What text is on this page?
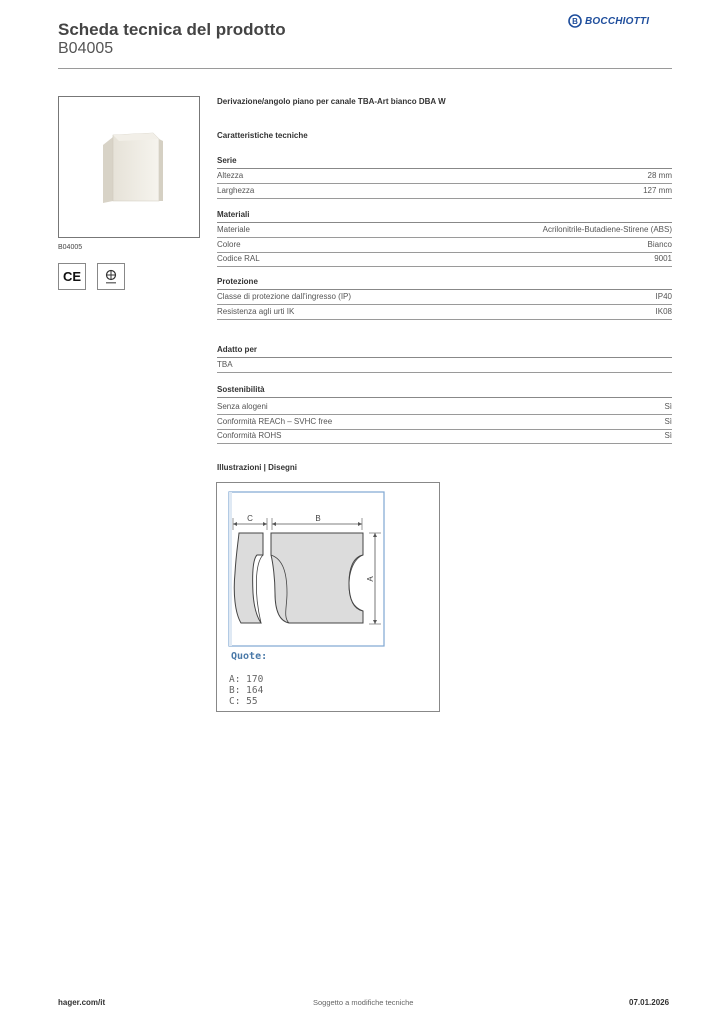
Scheda tecnica del prodotto
B04005
B BOCCHIOTTI
B04005
CE
Derivazione/angolo piano per canale TBA-Art bianco DBA W
Caratteristiche tecniche
Serie
Altezza	28 mm
Larghezza	127 mm
Materiali
Materiale	Acrilonitrile-Butadiene-Stirene (ABS)
Colore	Bianco
Codice RAL	9001
Protezione
Classe di protezione dall'ingresso (IP)	IP40
Resistenza agli urti IK	IK08
Adatto per
TBA
Sostenibilità
Senza alogeni	Sì
Conformità REACh – SVHC free	Sì
Conformità ROHS	Sì
Illustrazioni | Disegni
C	B
A
Quote:
A: 170
B: 164
C: 55
hager.com/it	Soggetto a modifiche tecniche	07.01.2026
